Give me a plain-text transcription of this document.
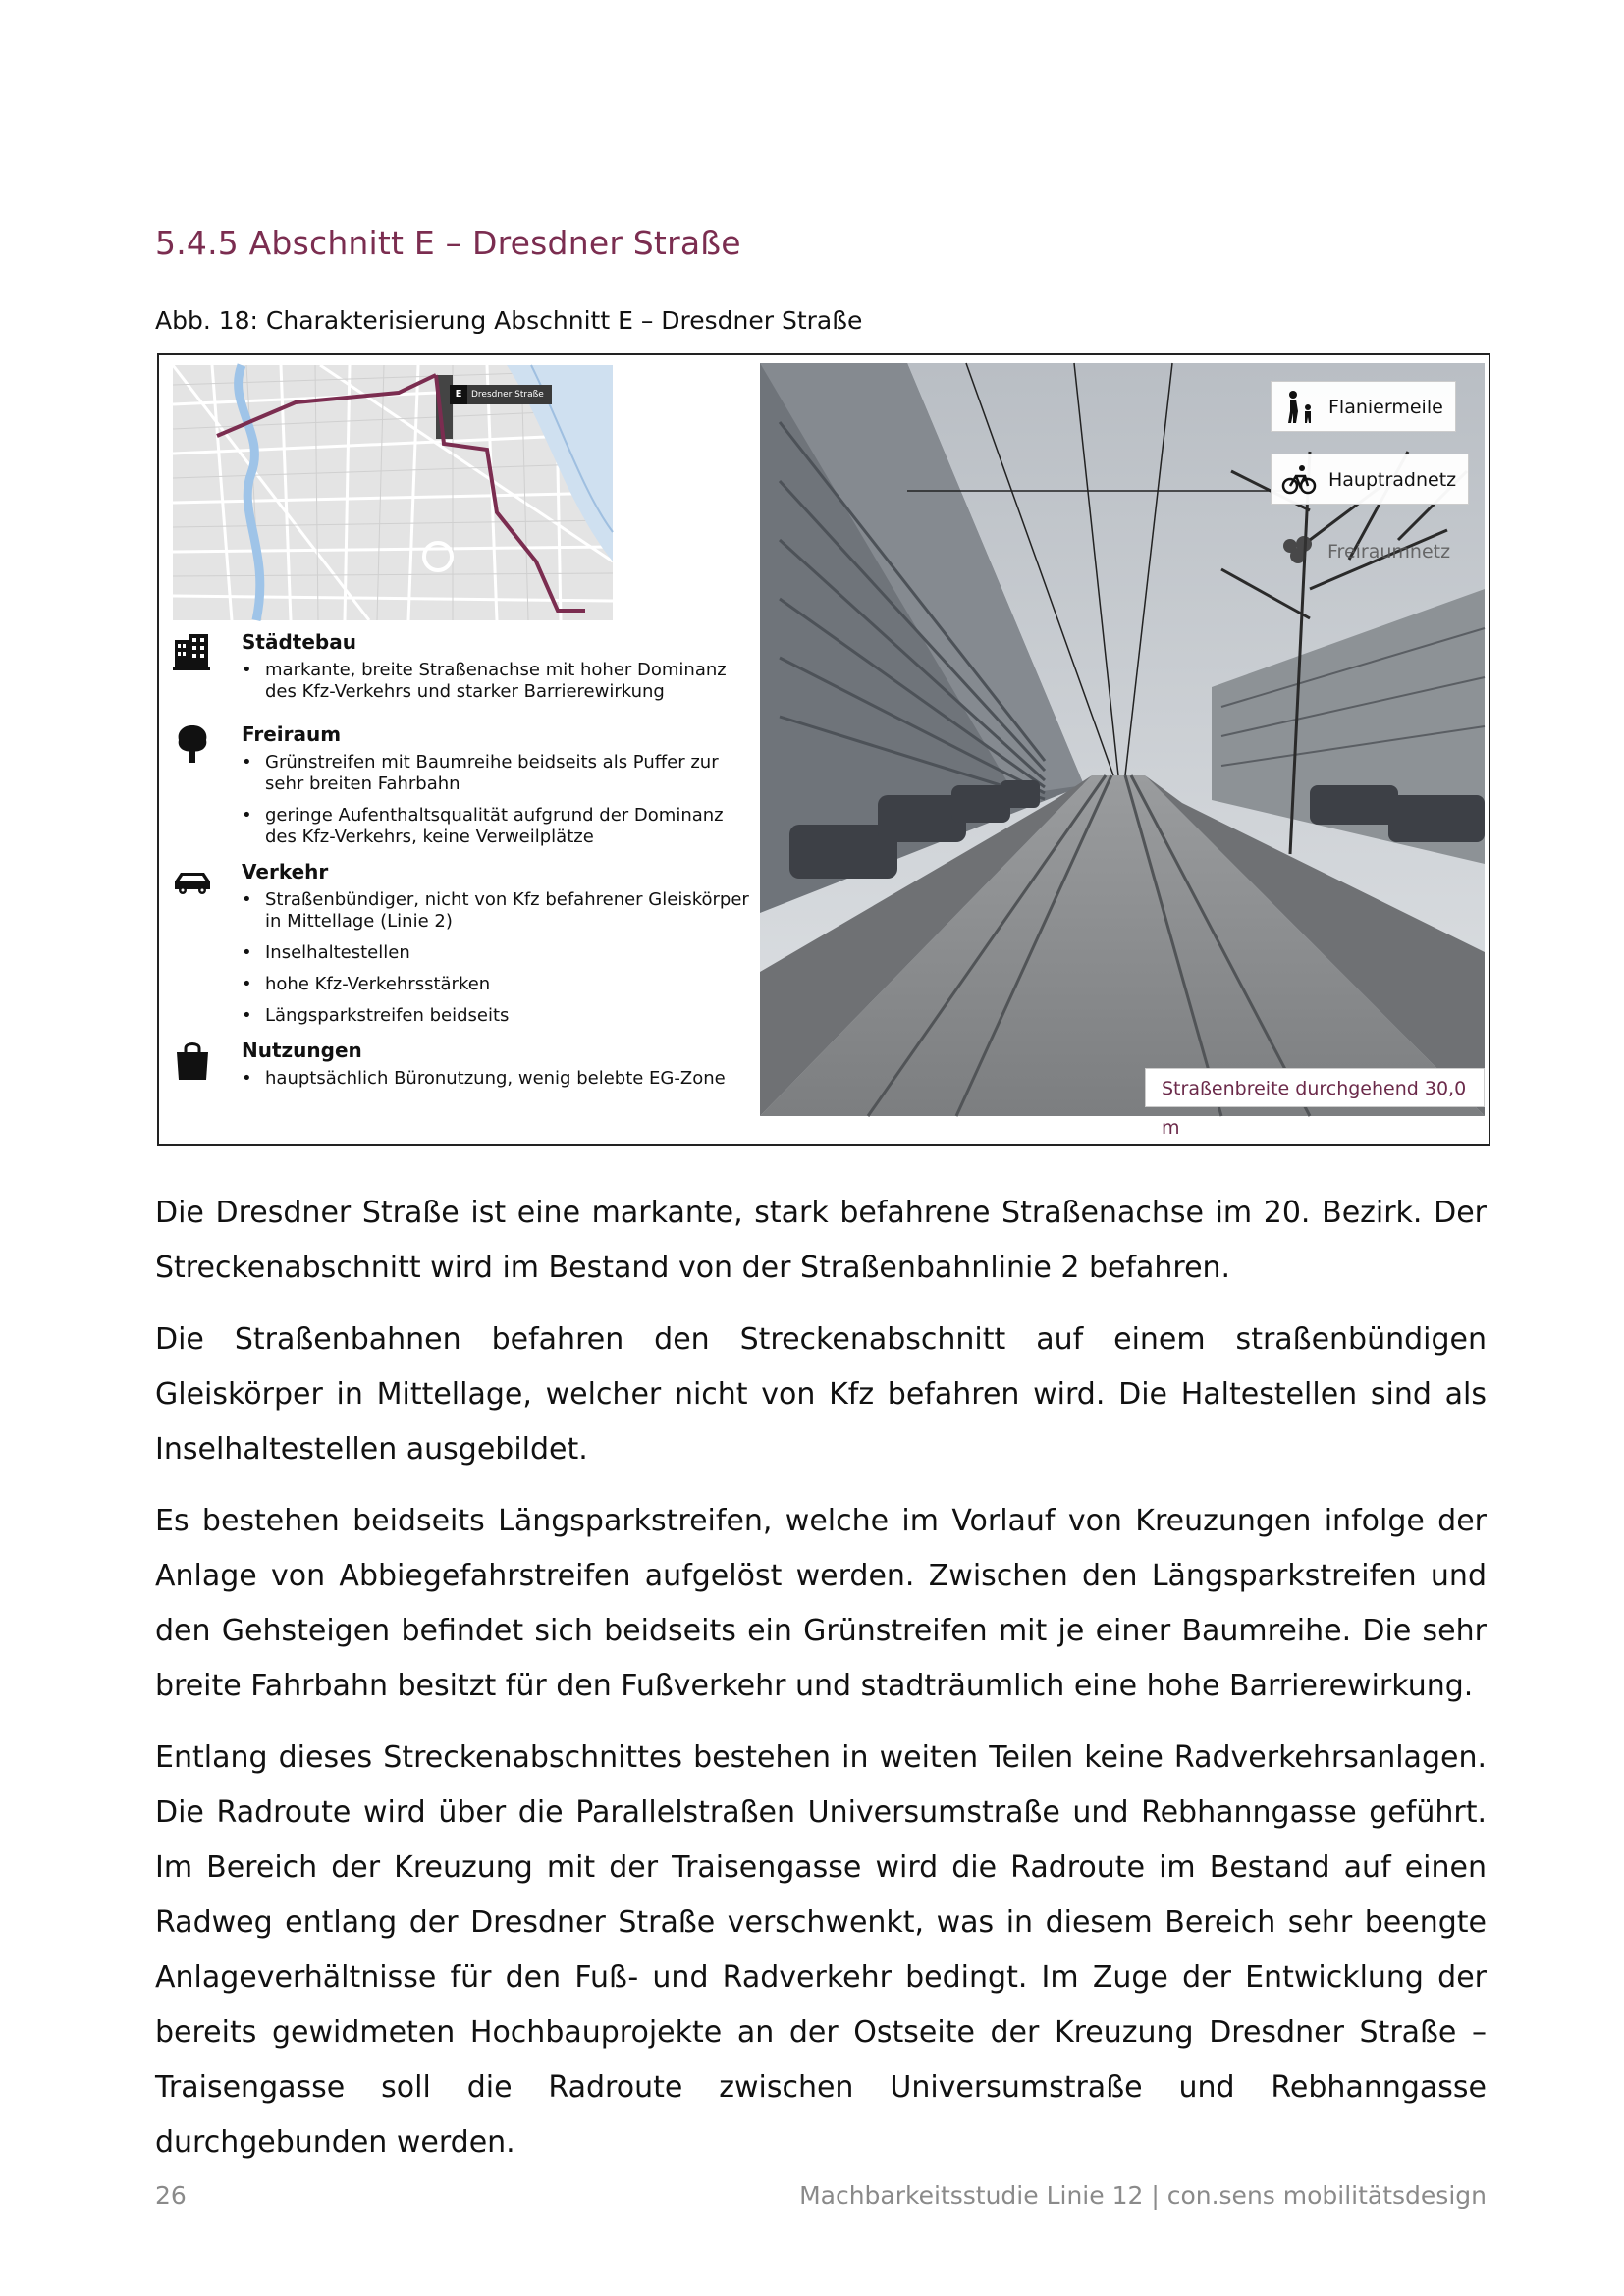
5.4.5 Abschnitt E – Dresdner Straße
Abb. 18: Charakterisierung Abschnitt E – Dresdner Straße
E	Dresdner Straße
Städtebau
• markante, breite Straßenachse mit hoher Dominanz des Kfz-Verkehrs und starker Barrierewirkung
Freiraum
• Grünstreifen mit Baumreihe beidseits als Puffer zur sehr breiten Fahrbahn
• geringe Aufenthaltsqualität aufgrund der Dominanz des Kfz-Verkehrs, keine Verweilplätze
Verkehr
• Straßenbündiger, nicht von Kfz befahrener Gleiskörper in Mittellage (Linie 2)
• Inselhaltestellen
• hohe Kfz-Verkehrsstärken
• Längsparkstreifen beidseits
Nutzungen
• hauptsächlich Büronutzung, wenig belebte EG-Zone
Flaniermeile
Hauptradnetz
Freiraumnetz
Straßenbreite durchgehend 30,0 m

Die Dresdner Straße ist eine markante, stark befahrene Straßenachse im 20. Bezirk. Der Streckenabschnitt wird im Bestand von der Straßenbahnlinie 2 befahren.

Die Straßenbahnen befahren den Streckenabschnitt auf einem straßenbündigen Gleiskörper in Mittellage, welcher nicht von Kfz befahren wird. Die Haltestellen sind als Inselhaltestellen ausgebildet.

Es bestehen beidseits Längsparkstreifen, welche im Vorlauf von Kreuzungen infolge der Anlage von Abbiegefahrstreifen aufgelöst werden. Zwischen den Längsparkstreifen und den Gehsteigen befindet sich beidseits ein Grünstreifen mit je einer Baumreihe. Die sehr breite Fahrbahn besitzt für den Fußverkehr und stadträumlich eine hohe Barrierewirkung.

Entlang dieses Streckenabschnittes bestehen in weiten Teilen keine Radverkehrsanlagen. Die Radroute wird über die Parallelstraßen Universumstraße und Rebhanngasse geführt. Im Bereich der Kreuzung mit der Traisengasse wird die Radroute im Bestand auf einen Radweg entlang der Dresdner Straße verschwenkt, was in diesem Bereich sehr beengte Anlageverhältnisse für den Fuß- und Radverkehr bedingt. Im Zuge der Entwicklung der bereits gewidmeten Hochbauprojekte an der Ostseite der Kreuzung Dresdner Straße – Traisengasse soll die Radroute zwischen Universumstraße und Rebhanngasse durchgebunden werden.

26	Machbarkeitsstudie Linie 12 | con.sens mobilitätsdesign
